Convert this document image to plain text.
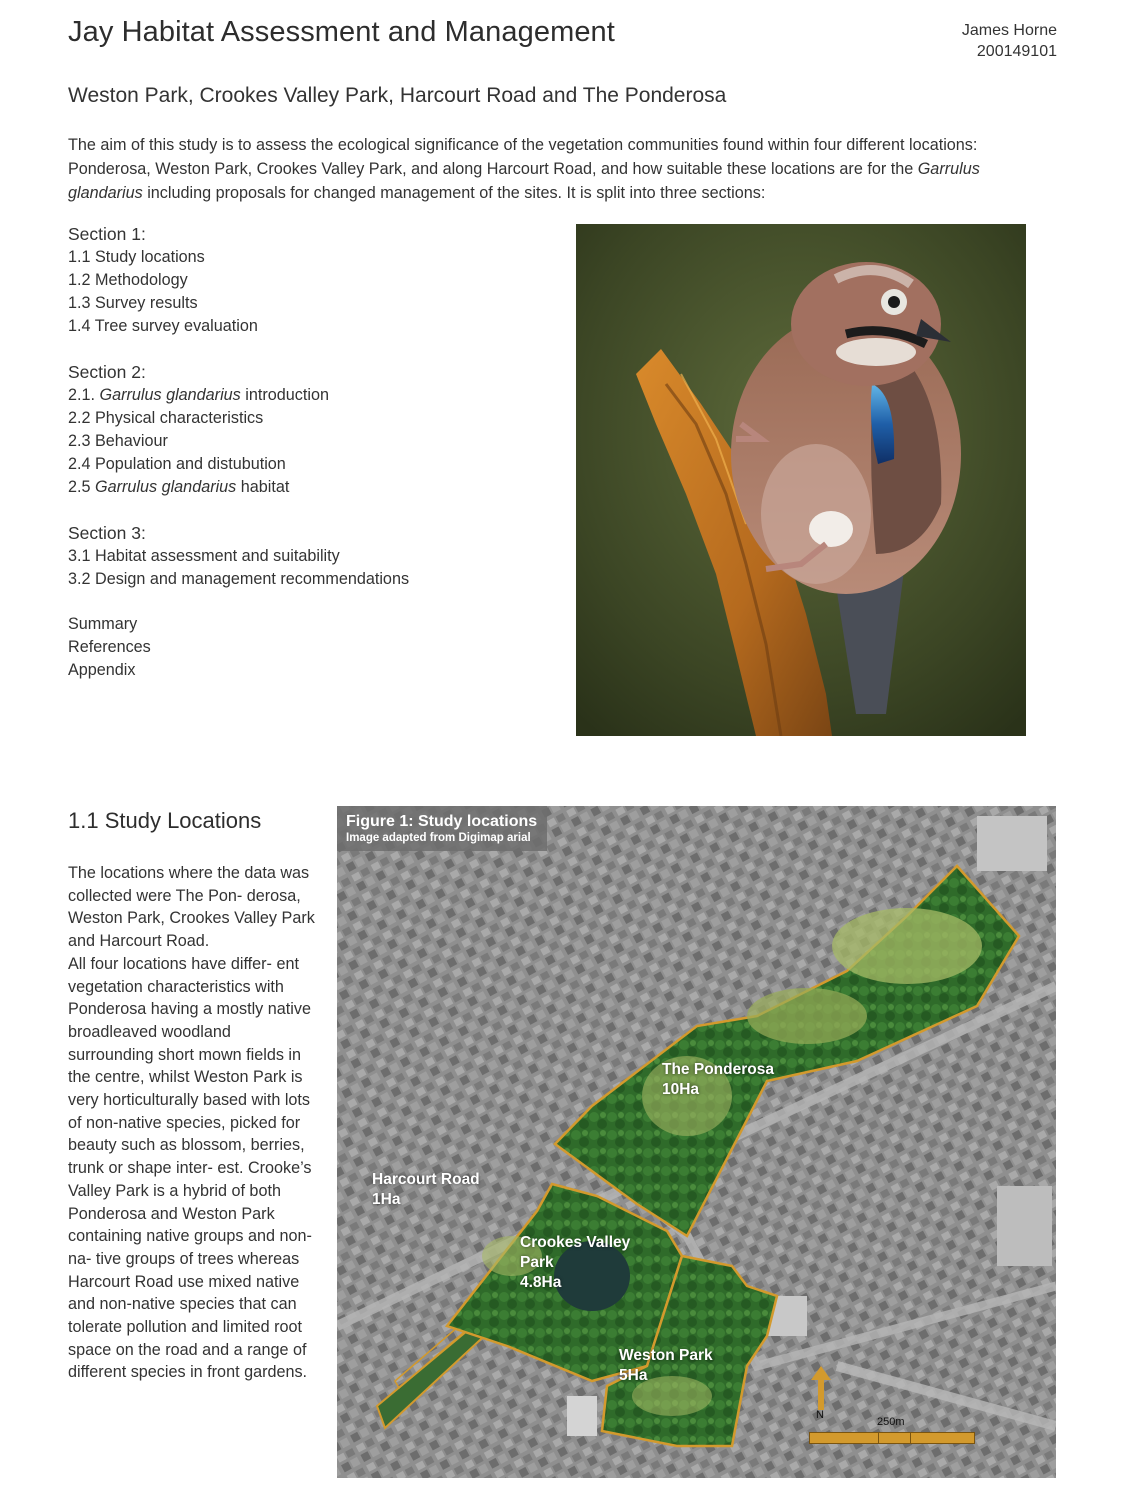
Jay Habitat Assessment and Management	James Horne
200149101
Weston Park, Crookes Valley Park, Harcourt Road and The Ponderosa
The aim of this study is to assess the ecological significance of the vegetation communities found within four different locations: Ponderosa, Weston Park, Crookes Valley Park, and along Harcourt Road, and how suitable these locations are for the Garrulus glandarius including proposals for changed management of the sites. It is split into three sections:
Section 1:
1.1 Study locations
1.2 Methodology
1.3 Survey results
1.4 Tree survey evaluation
Section 2:
2.1. Garrulus glandarius introduction
2.2 Physical characteristics
2.3 Behaviour
2.4 Population and distubution
2.5 Garrulus glandarius habitat
Section 3:
3.1 Habitat assessment and suitability
3.2 Design and management recommendations
Summary
References
Appendix
1.1 Study Locations
The locations where the data was collected were The Pon- derosa, Weston Park, Crookes Valley Park and Harcourt Road.
All four locations have differ- ent vegetation characteristics with Ponderosa having a mostly native broadleaved woodland surrounding short mown fields in the centre, whilst Weston Park is very horticulturally based with lots of non-native species, picked for beauty such as blossom, berries, trunk or shape inter- est. Crooke’s Valley Park is a hybrid of both Ponderosa and Weston Park containing native groups and non-na- tive groups of trees whereas Harcourt Road use mixed native and non-native species that can tolerate pollution and limited root space on the road and a range of different species in front gardens.
Figure 1: Study locations
Image adapted from Digimap arial
The Ponderosa
10Ha
Harcourt Road
1Ha
Crookes Valley
Park
4.8Ha
Weston Park
5Ha
N
250m
